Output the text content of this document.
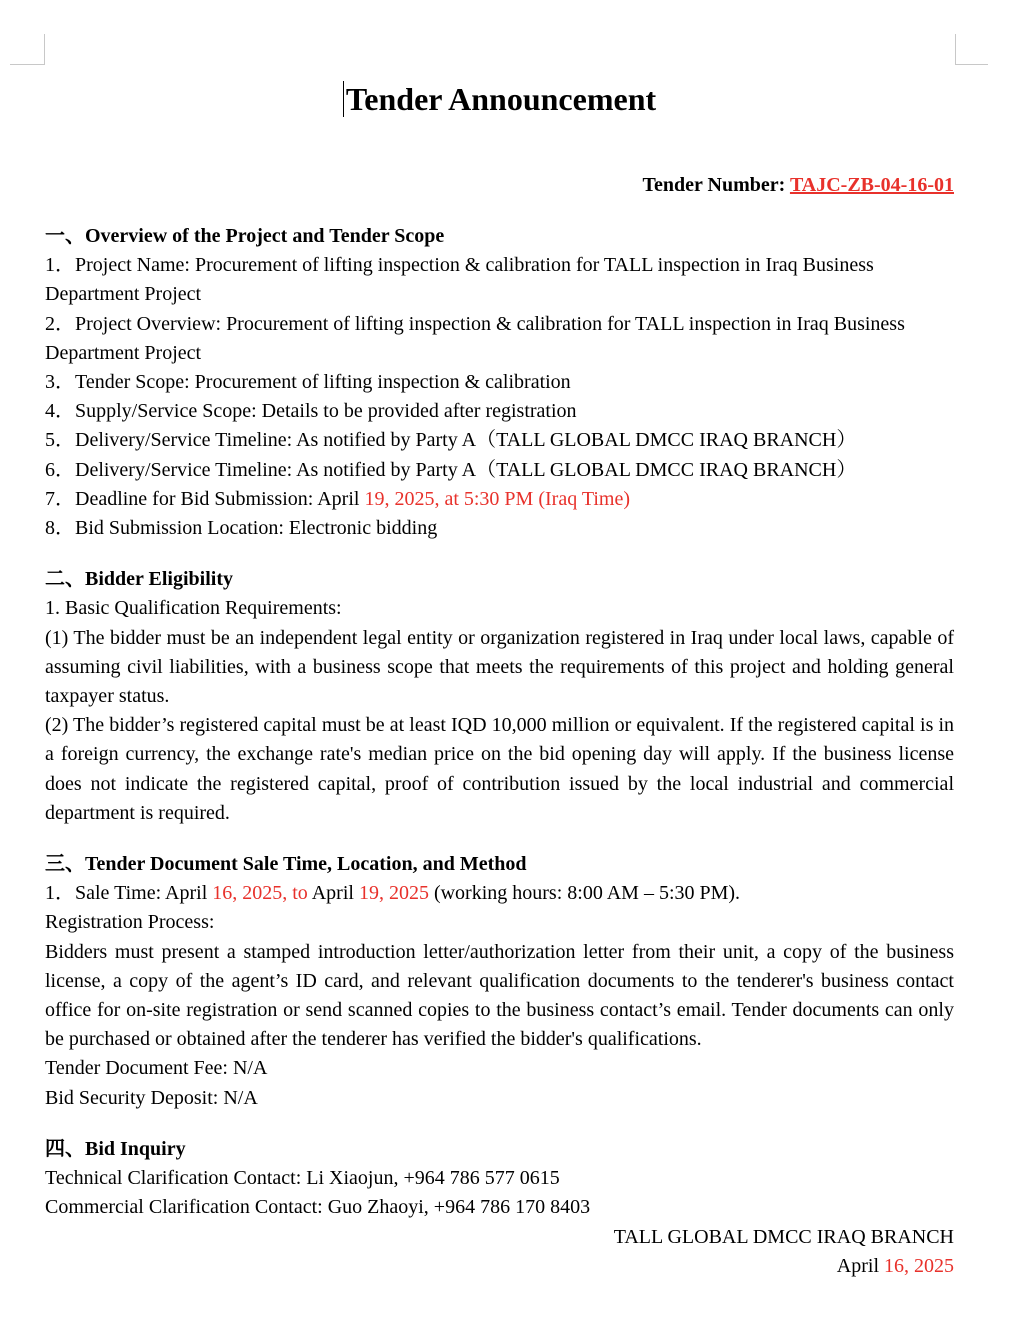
Tender Announcement
Tender Number: TAJC-ZB-04-16-01
一、Overview of the Project and Tender Scope

1．Project Name: Procurement of lifting inspection & calibration for TALL inspection in Iraq Business Department Project

2．Project Overview: Procurement of lifting inspection & calibration for TALL inspection in Iraq Business Department Project

3．Tender Scope: Procurement of lifting inspection & calibration

4．Supply/Service Scope: Details to be provided after registration

5．Delivery/Service Timeline: As notified by Party A（TALL GLOBAL DMCC IRAQ BRANCH）

6．Delivery/Service Timeline: As notified by Party A（TALL GLOBAL DMCC IRAQ BRANCH）

7．Deadline for Bid Submission: April 19, 2025, at 5:30 PM (Iraq Time)

8．Bid Submission Location: Electronic bidding

二、Bidder Eligibility

1. Basic Qualification Requirements:

(1) The bidder must be an independent legal entity or organization registered in Iraq under local laws, capable of assuming civil liabilities, with a business scope that meets the requirements of this project and holding general taxpayer status.

(2) The bidder’s registered capital must be at least IQD 10,000 million or equivalent. If the registered capital is in a foreign currency, the exchange rate's median price on the bid opening day will apply. If the business license does not indicate the registered capital, proof of contribution issued by the local industrial and commercial department is required.

三、Tender Document Sale Time, Location, and Method

1．Sale Time: April 16, 2025, to April 19, 2025 (working hours: 8:00 AM – 5:30 PM).

Registration Process:

Bidders must present a stamped introduction letter/authorization letter from their unit, a copy of the business license, a copy of the agent’s ID card, and relevant qualification documents to the tenderer's business contact office for on-site registration or send scanned copies to the business contact’s email. Tender documents can only be purchased or obtained after the tenderer has verified the bidder's qualifications.

Tender Document Fee: N/A

Bid Security Deposit: N/A

四、Bid Inquiry

Technical Clarification Contact: Li Xiaojun, +964 786 577 0615

Commercial Clarification Contact: Guo Zhaoyi, +964 786 170 8403

TALL GLOBAL DMCC IRAQ BRANCH

April 16, 2025
